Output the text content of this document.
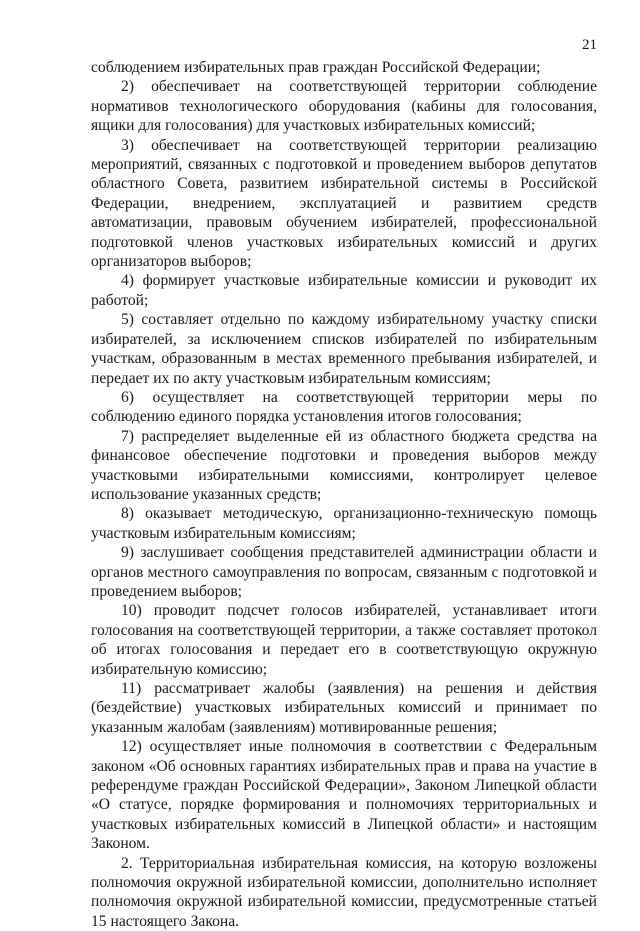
21

соблюдением избирательных прав граждан Российской Федерации;

2) обеспечивает на соответствующей территории соблюдение нормативов технологического оборудования (кабины для голосования, ящики для голосования) для участковых избирательных комиссий;

3) обеспечивает на соответствующей территории реализацию мероприятий, связанных с подготовкой и проведением выборов депутатов областного Совета, развитием избирательной системы в Российской Федерации, внедрением, эксплуатацией и развитием средств автоматизации, правовым обучением избирателей, профессиональной подготовкой членов участковых избирательных комиссий и других организаторов выборов;

4) формирует участковые избирательные комиссии и руководит их работой;

5) составляет отдельно по каждому избирательному участку списки избирателей, за исключением списков избирателей по избирательным участкам, образованным в местах временного пребывания избирателей, и передает их по акту участковым избирательным комиссиям;

6) осуществляет на соответствующей территории меры по соблюдению единого порядка установления итогов голосования;

7) распределяет выделенные ей из областного бюджета средства на финансовое обеспечение подготовки и проведения выборов между участковыми избирательными комиссиями, контролирует целевое использование указанных средств;

8) оказывает методическую, организационно-техническую помощь участковым избирательным комиссиям;

9) заслушивает сообщения представителей администрации области и органов местного самоуправления по вопросам, связанным с подготовкой и проведением выборов;

10) проводит подсчет голосов избирателей, устанавливает итоги голосования на соответствующей территории, а также составляет протокол об итогах голосования и передает его в соответствующую окружную избирательную комиссию;

11) рассматривает жалобы (заявления) на решения и действия (бездействие) участковых избирательных комиссий и принимает по указанным жалобам (заявлениям) мотивированные решения;

12) осуществляет иные полномочия в соответствии с Федеральным законом «Об основных гарантиях избирательных прав и права на участие в референдуме граждан Российской Федерации», Законом Липецкой области «О статусе, порядке формирования и полномочиях территориальных и участковых избирательных комиссий в Липецкой области» и настоящим Законом.

2. Территориальная избирательная комиссия, на которую возложены полномочия окружной избирательной комиссии, дополнительно исполняет полномочия окружной избирательной комиссии, предусмотренные статьей 15 настоящего Закона.
